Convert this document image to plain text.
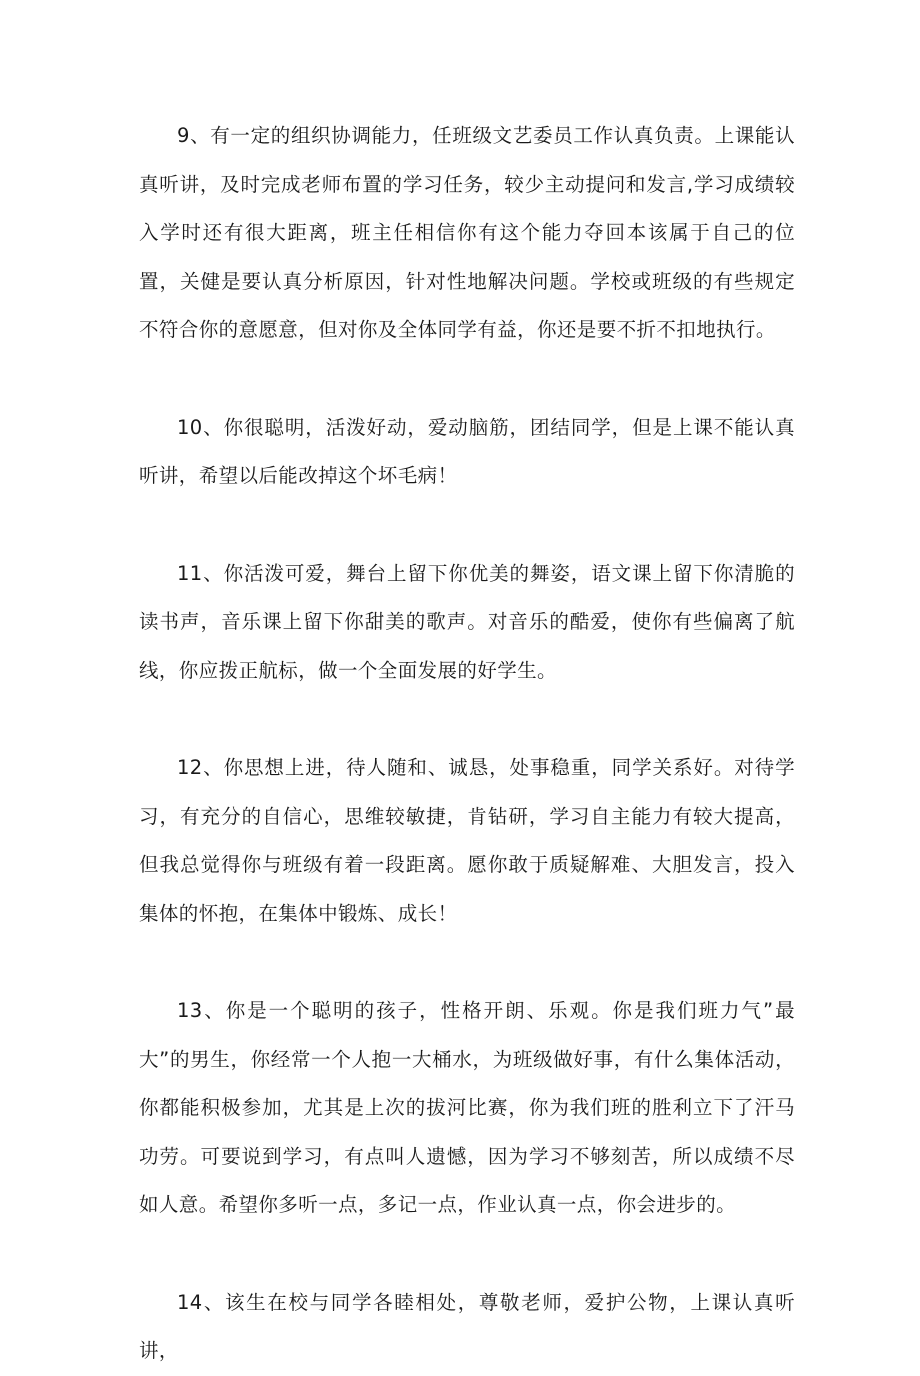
9、有一定的组织协调能力，任班级文艺委员工作认真负责。上课能认真听讲，及时完成老师布置的学习任务，较少主动提问和发言,学习成绩较入学时还有很大距离，班主任相信你有这个能力夺回本该属于自己的位置，关健是要认真分析原因，针对性地解决问题。学校或班级的有些规定不符合你的意愿意，但对你及全体同学有益，你还是要不折不扣地执行。

10、你很聪明，活泼好动，爱动脑筋，团结同学，但是上课不能认真听讲，希望以后能改掉这个坏毛病！

11、你活泼可爱，舞台上留下你优美的舞姿，语文课上留下你清脆的读书声，音乐课上留下你甜美的歌声。对音乐的酷爱，使你有些偏离了航线，你应拨正航标，做一个全面发展的好学生。

12、你思想上进，待人随和、诚恳，处事稳重，同学关系好。对待学习，有充分的自信心，思维较敏捷，肯钻研，学习自主能力有较大提高，但我总觉得你与班级有着一段距离。愿你敢于质疑解难、大胆发言，投入集体的怀抱，在集体中锻炼、成长！

13、你是一个聪明的孩子，性格开朗、乐观。你是我们班力气”最大”的男生，你经常一个人抱一大桶水，为班级做好事，有什么集体活动，你都能积极参加，尤其是上次的拔河比赛，你为我们班的胜利立下了汗马功劳。可要说到学习，有点叫人遗憾，因为学习不够刻苦，所以成绩不尽如人意。希望你多听一点，多记一点，作业认真一点，你会进步的。

14、该生在校与同学各睦相处，尊敬老师，爱护公物，上课认真听讲，
